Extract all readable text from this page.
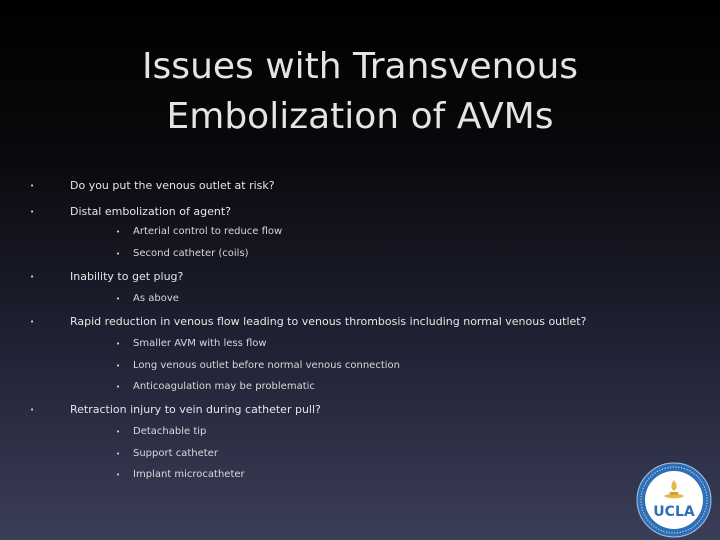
Issues with Transvenous
Embolization of AVMs
•	Do you put the venous outlet at risk?
•	Distal embolization of agent?
• Arterial control to reduce flow
• Second catheter (coils)
•	Inability to get plug?
• As above
•	Rapid reduction in venous flow leading to venous thrombosis including normal venous outlet?
• Smaller AVM with less flow
• Long venous outlet before normal venous connection
• Anticoagulation may be problematic
•	Retraction injury to vein during catheter pull?
• Detachable tip
• Support catheter
• Implant microcatheter
UCLA
